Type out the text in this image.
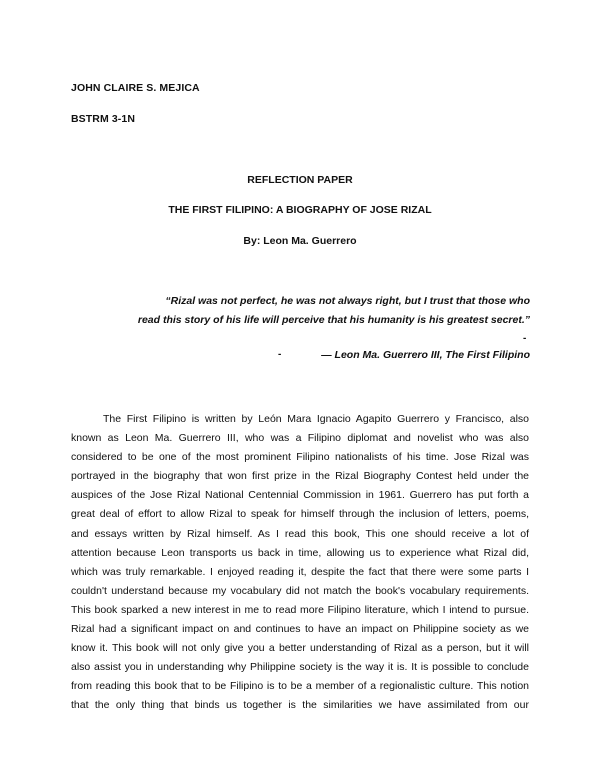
JOHN CLAIRE S. MEJICA
BSTRM 3-1N
REFLECTION PAPER
THE FIRST FILIPINO: A BIOGRAPHY OF JOSE RIZAL
By: Leon Ma. Guerrero
“Rizal was not perfect, he was not always right, but I trust that those who
read this story of his life will perceive that his humanity is his greatest secret.”
-
-	— Leon Ma. Guerrero III, The First Filipino
The First Filipino is written by León Mara Ignacio Agapito Guerrero y Francisco, also
known as Leon Ma. Guerrero III, who was a Filipino diplomat and novelist who was also
considered to be one of the most prominent Filipino nationalists of his time. Jose Rizal was
portrayed in the biography that won first prize in the Rizal Biography Contest held under the
auspices of the Jose Rizal National Centennial Commission in 1961. Guerrero has put forth a
great deal of effort to allow Rizal to speak for himself through the inclusion of letters, poems,
and essays written by Rizal himself. As I read this book, This one should receive a lot of
attention because Leon transports us back in time, allowing us to experience what Rizal did,
which was truly remarkable. I enjoyed reading it, despite the fact that there were some parts I
couldn't understand because my vocabulary did not match the book's vocabulary requirements.
This book sparked a new interest in me to read more Filipino literature, which I intend to pursue.
Rizal had a significant impact on and continues to have an impact on Philippine society as we
know it. This book will not only give you a better understanding of Rizal as a person, but it will
also assist you in understanding why Philippine society is the way it is. It is possible to conclude
from reading this book that to be Filipino is to be a member of a regionalistic culture. This notion
that the only thing that binds us together is the similarities we have assimilated from our
